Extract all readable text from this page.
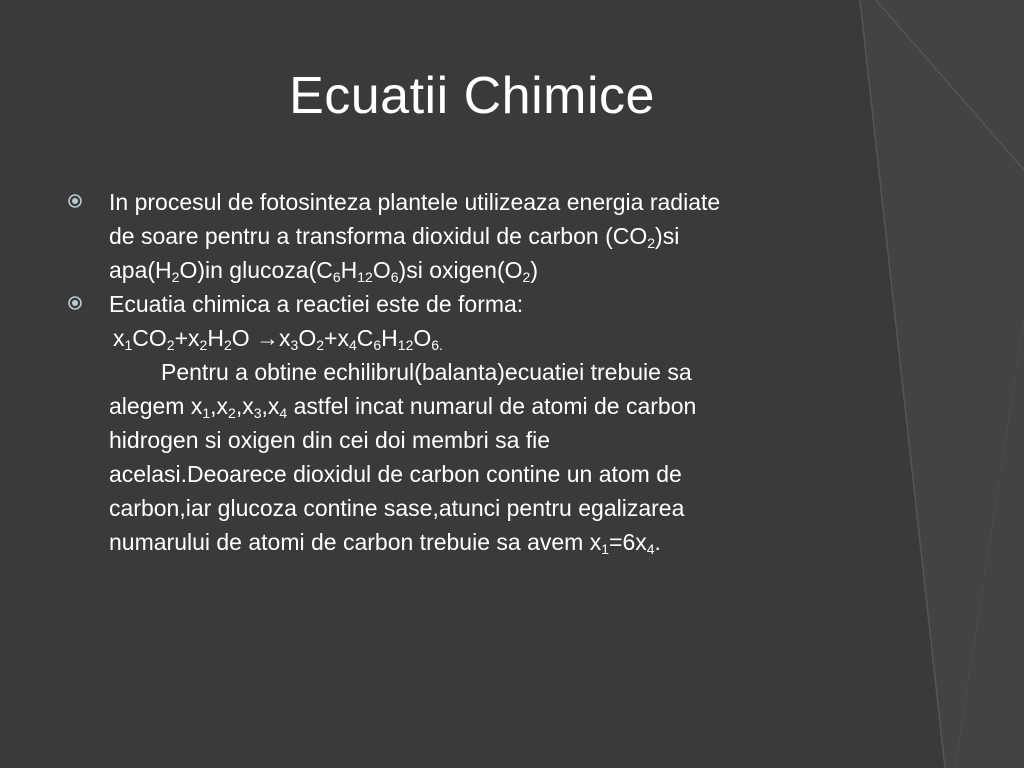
Ecuatii Chimice
In procesul de fotosinteza plantele utilizeaza energia radiate
de soare pentru a transforma dioxidul de carbon $(CO_2)si$
$apa(H_2O)in$ $glucoza(C_6H_{12}O_6)si$ $oxigen(O_2)$
Ecuatia chimica a reactiei este de forma:
$x_1CO_2+x_2H_2O \to x_3O_2+x_4C_6H_{12}O_{6.}$
Pentru a obtine echilibrul(balanta)ecuatiei trebuie sa
alegem $x_1,x_2,x_3,x_4$ astfel incat numarul de atomi de carbon
hidrogen si oxigen din cei doi membri sa fie
acelasi.Deoarece dioxidul de carbon contine un atom de
carbon,iar glucoza contine sase,atunci pentru egalizarea
numarului de atomi de carbon trebuie sa avem $x_1=6x_4$.
